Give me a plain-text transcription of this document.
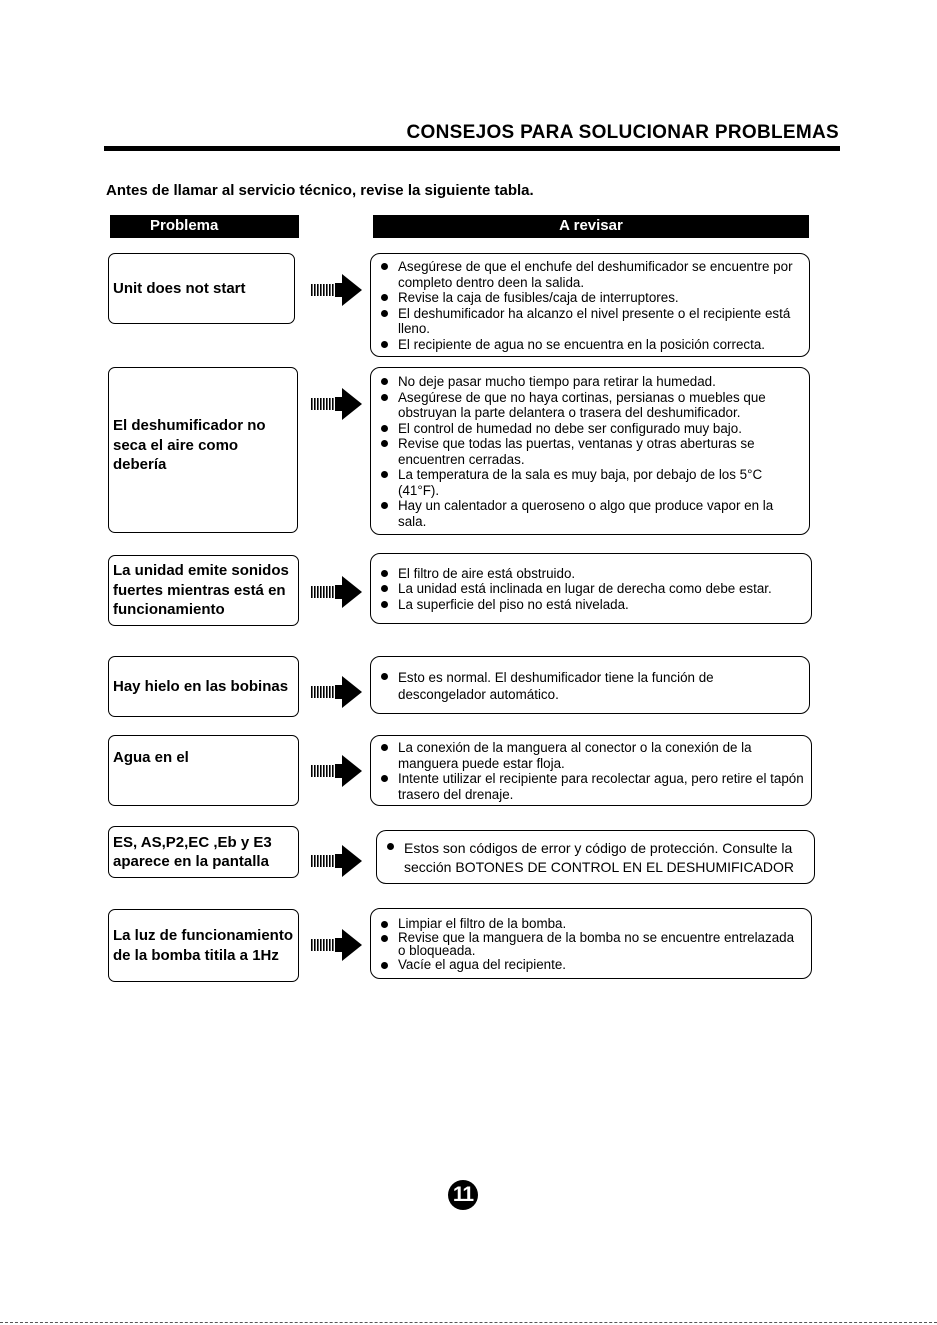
CONSEJOS PARA SOLUCIONAR PROBLEMAS
Antes de llamar al servicio técnico, revise la siguiente tabla.
Problema	A revisar
Unit does not start
Asegúrese de que el enchufe del deshumificador se encuentre por completo dentro deen la salida.
Revise la caja de fusibles/caja de interruptores.
El deshumificador ha alcanzo el nivel presente o el recipiente está lleno.
El recipiente de agua no se encuentra en la posición correcta.
El deshumificador no seca el aire como debería
No deje pasar mucho tiempo para retirar la humedad.
Asegúrese de que no haya cortinas, persianas o muebles que obstruyan la parte delantera o trasera del deshumificador.
El control de humedad no debe ser configurado muy bajo.
Revise que todas las puertas, ventanas y otras aberturas se encuentren cerradas.
La temperatura de la sala es muy baja, por debajo de los 5°C (41°F).
Hay un calentador a queroseno o algo que produce vapor en la sala.
La unidad emite sonidos fuertes mientras está en funcionamiento
El filtro de aire está obstruido.
La unidad está inclinada en lugar de derecha como debe estar.
La superficie del piso no está nivelada.
Hay hielo en las bobinas
Esto es normal. El deshumificador tiene la función de descongelador automático.
Agua en el
La conexión de la manguera al conector o la conexión de la manguera puede estar floja.
Intente utilizar el recipiente para recolectar agua, pero retire el tapón trasero del drenaje.
ES, AS,P2,EC ,Eb y E3 aparece en la pantalla
Estos son códigos de error y código de protección. Consulte la sección BOTONES DE CONTROL EN EL DESHUMIFICADOR
La luz de funcionamiento de la bomba titila a 1Hz
Limpiar el filtro de la bomba.
Revise que la manguera de la bomba no se encuentre entrelazada o bloqueada.
Vacíe el agua del recipiente.
11
